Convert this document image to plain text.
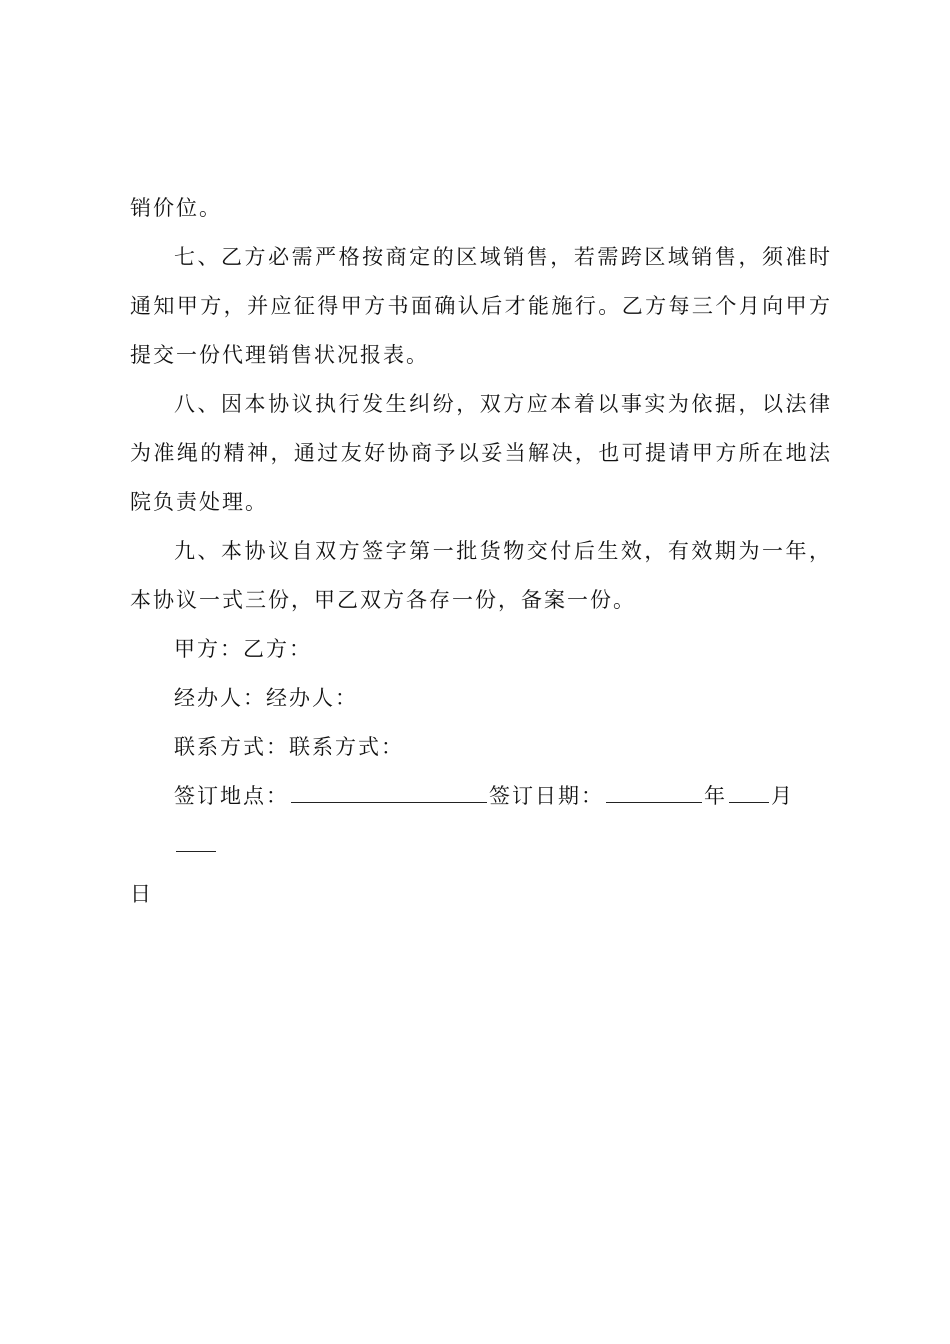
销价位。

七、乙方必需严格按商定的区域销售，若需跨区域销售，须准时通知甲方，并应征得甲方书面确认后才能施行。乙方每三个月向甲方提交一份代理销售状况报表。

八、因本协议执行发生纠纷，双方应本着以事实为依据，以法律为准绳的精神，通过友好协商予以妥当解决，也可提请甲方所在地法院负责处理。

九、本协议自双方签字第一批货物交付后生效，有效期为一年，本协议一式三份，甲乙双方各存一份，备案一份。

甲方：乙方：

经办人：经办人：

联系方式：联系方式：

签订地点：	签订日期：	年 月
日
